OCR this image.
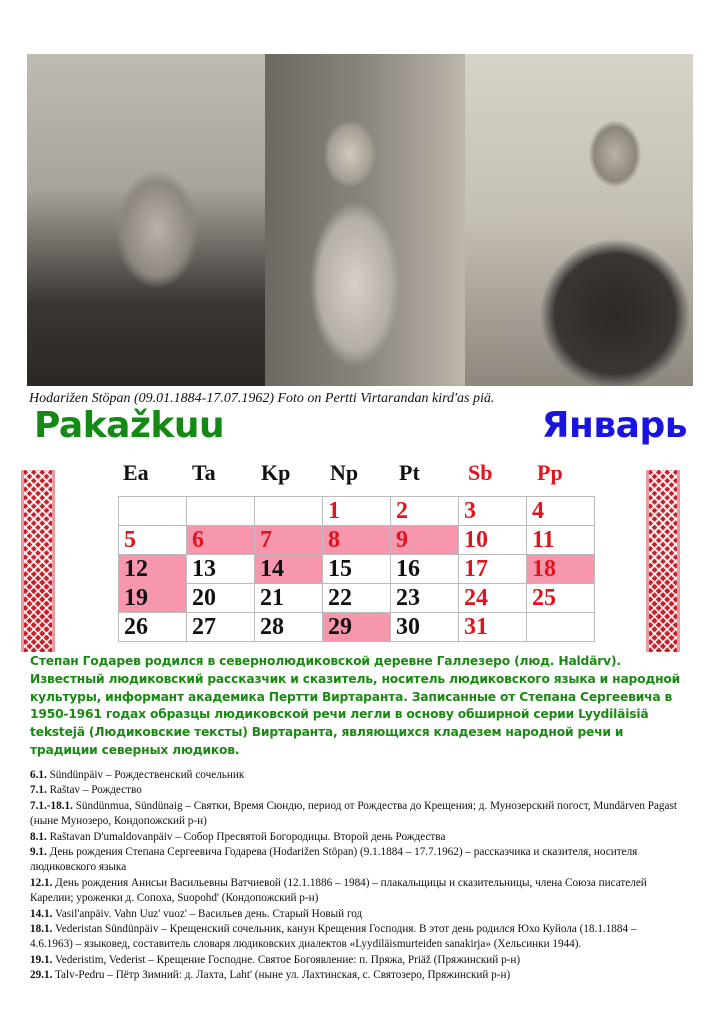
Hodarižen Stöpan (09.01.1884-17.07.1962) Foto on Pertti Virtarandan kird'as piä.
Pakažkuu	Январь
Ea	Ta	Kp	Np	Pt	Sb	Pp
			1	2	3	4
5	6	7	8	9	10	11
12	13	14	15	16	17	18
19	20	21	22	23	24	25
26	27	28	29	30	31	
Степан Годарев родился в севернолюдиковской деревне Галлезеро (люд. Haldärv). Известный людиковский рассказчик и сказитель, носитель людиковского языка и народной культуры, информант академика Пертти Виртаранта. Записанные от Степана Сергеевича в 1950-1961 годах образцы людиковской речи легли в основу обширной серии Lyydiläisiä tekstejä (Людиковские тексты) Виртаранта, являющихся кладезем народной речи и традиции северных людиков.

6.1. Sündünpäiv – Рождественский сочельник

7.1. Raštav – Рождество

7.1.-18.1. Sündünmua, Sündünaig – Святки, Время Сюндю, период от Рождества до Крещения; д. Мунозерский погост, Mundärven Pagast (ныне Мунозеро, Кондопожский р-н)

8.1. Raštavan D'umaldovanpäiv – Собор Пресвятой Богородицы. Второй день Рождества

9.1. День рождения Степана Сергеевича Годарева (Hodarižen Stöpan) (9.1.1884 – 17.7.1962) – рассказчика и сказителя, носителя людиковского языка

12.1. День рождения Анисьи Васильевны Ватчиевой (12.1.1886 – 1984) – плакальщицы и сказительницы, члена Союза писателей Карелии; уроженки д. Сопоха, Suopohd' (Кондопожский р-н)

14.1. Vasil'anpäiv. Vahn Uuz' vuoz' – Васильев день. Старый Новый год

18.1. Vederistan Sündünpäiv – Крещенский сочельник, канун Крещения Господня. В этот день родился Юхо Куйола (18.1.1884 – 4.6.1963) – языковед, составитель словаря людиковских диалектов «Lyydiläismurteiden sanakirja» (Хельсинки 1944).

19.1. Vederistim, Vederist – Крещение Господне. Святое Богоявление: п. Пряжа, Priäž (Пряжинский р-н)

29.1. Talv-Pedru – Пётр Зимний: д. Лахта, Laht' (ныне ул. Лахтинская, с. Святозеро, Пряжинский р-н)
